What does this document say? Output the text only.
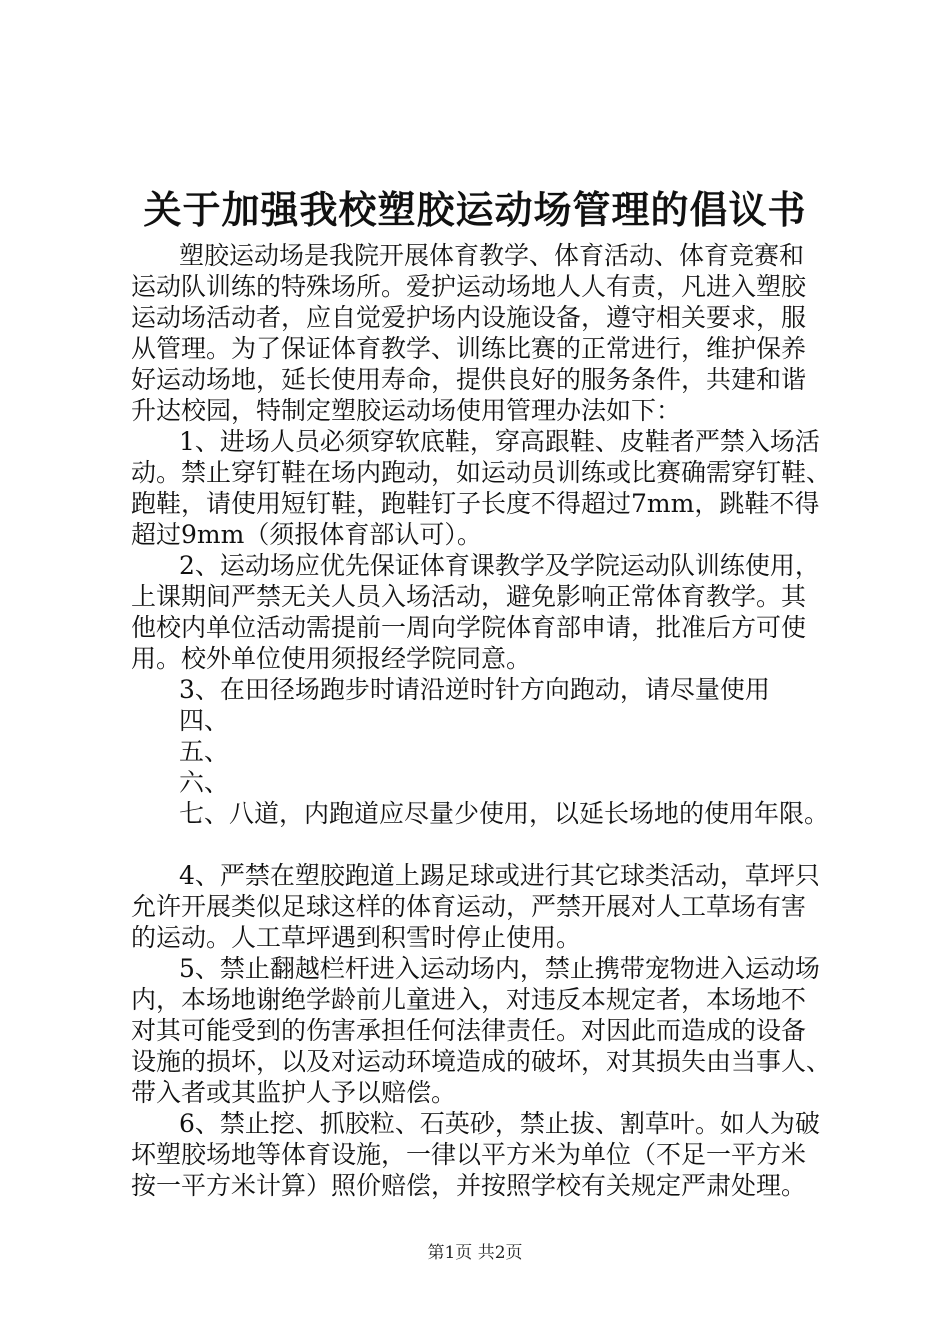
关于加强我校塑胶运动场管理的倡议书
塑胶运动场是我院开展体育教学、体育活动、体育竞赛和
运动队训练的特殊场所。爱护运动场地人人有责，凡进入塑胶
运动场活动者，应自觉爱护场内设施设备，遵守相关要求，服
从管理。为了保证体育教学、训练比赛的正常进行，维护保养
好运动场地，延长使用寿命，提供良好的服务条件，共建和谐
升达校园，特制定塑胶运动场使用管理办法如下：
1、进场人员必须穿软底鞋，穿高跟鞋、皮鞋者严禁入场活
动。禁止穿钉鞋在场内跑动，如运动员训练或比赛确需穿钉鞋、
跑鞋，请使用短钉鞋，跑鞋钉子长度不得超过7mm，跳鞋不得
超过9mm（须报体育部认可）。
2、运动场应优先保证体育课教学及学院运动队训练使用，
上课期间严禁无关人员入场活动，避免影响正常体育教学。其
他校内单位活动需提前一周向学院体育部申请，批准后方可使
用。校外单位使用须报经学院同意。
3、在田径场跑步时请沿逆时针方向跑动，请尽量使用
四、
五、
六、
七、八道，内跑道应尽量少使用，以延长场地的使用年限。
4、严禁在塑胶跑道上踢足球或进行其它球类活动，草坪只
允许开展类似足球这样的体育运动，严禁开展对人工草场有害
的运动。人工草坪遇到积雪时停止使用。
5、禁止翻越栏杆进入运动场内，禁止携带宠物进入运动场
内，本场地谢绝学龄前儿童进入，对违反本规定者，本场地不
对其可能受到的伤害承担任何法律责任。对因此而造成的设备
设施的损坏，以及对运动环境造成的破坏，对其损失由当事人、
带入者或其监护人予以赔偿。
6、禁止挖、抓胶粒、石英砂，禁止拔、割草叶。如人为破
坏塑胶场地等体育设施，一律以平方米为单位（不足一平方米
按一平方米计算）照价赔偿，并按照学校有关规定严肃处理。
第1页 共2页
